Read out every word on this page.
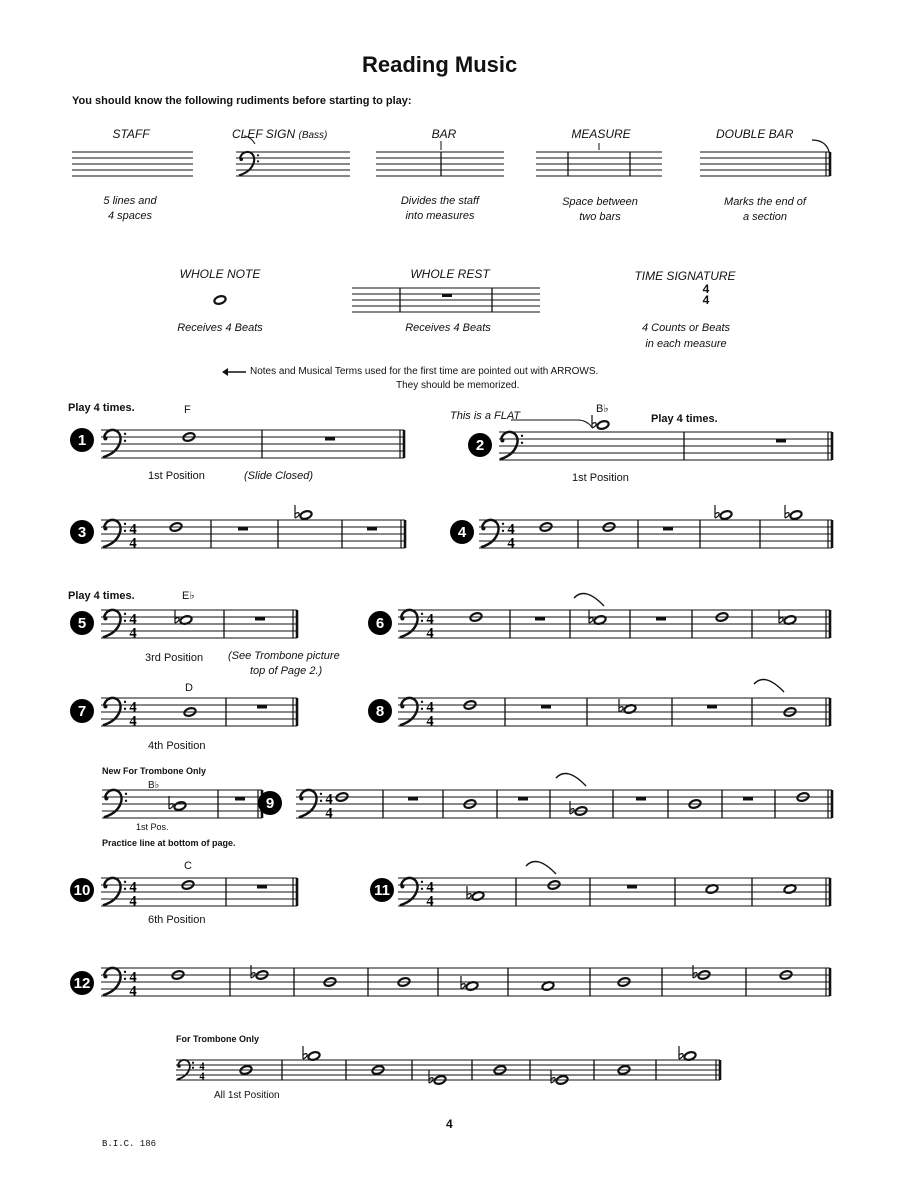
Reading Music
You should know the following rudiments before starting to play:
STAFF	CLEF SIGN (Bass)	BAR	MEASURE	DOUBLE BAR
5 lines and
4 spaces
Divides the staff
into measures
Space between
two bars
Marks the end of
a section
WHOLE NOTE	WHOLE REST	TIME SIGNATURE
Receives 4 Beats	Receives 4 Beats	4 Counts or Beats
in each measure
4
4
Notes and Musical Terms used for the first time are pointed out with ARROWS.
They should be memorized.
Play 4 times.	F
1st Position	(Slide Closed)
This is a FLAT
B♭
Play 4 times.
1st Position
Play 4 times.	E♭
3rd Position (See Trombone picture
top of Page 2.)
D
4th Position
New For Trombone Only
B♭
1st Pos.
Practice line at bottom of page.
C
6th Position
For Trombone Only
All 1st Position
4
B.I.C. 186
1	2
3	4
4
4	4
4
5	4
4
6	4
4
7	4
4
8	4
4
9	4
4
10	4
4
11 4
4
12	4
4
4
4
